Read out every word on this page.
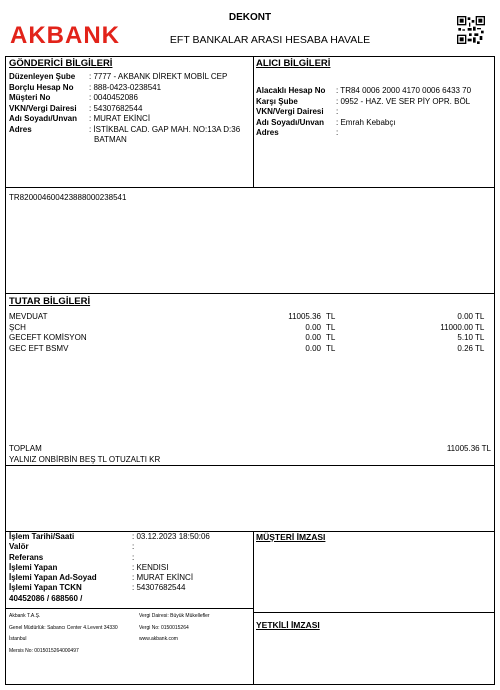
AKBANK
DEKONT
EFT BANKALAR ARASI HESABA HAVALE
GÖNDERİCİ BİLGİLERİ
Düzenleyen Şube	: 7777 - AKBANK DİREKT MOBİL CEP
Borçlu Hesap No	: 888-0423-0238541
Müşteri No	: 0040452086
VKN/Vergi Dairesi	: 54307682544
Adı Soyadı/Unvan	: MURAT EKİNCİ
Adres	: İSTİKBAL CAD. GAP MAH. NO:13A D:36
BATMAN
ALICI BİLGİLERİ
Alacaklı Hesap No	: TR84 0006 2000 4170 0006 6433 70
Karşı Şube	: 0952 - HAZ. VE SER PİY OPR. BÖL
VKN/Vergi Dairesi	:
Adı Soyadı/Unvan	: Emrah Kebabçı
Adres	:
TR82000460042388800023854​1
TUTAR BİLGİLERİ
MEVDUAT	11005.36 TL	0.00 TL
ŞCH	0.00 TL	11000.00 TL
GECEFT KOMİSYON	0.00 TL	5.10 TL
GEC EFT BSMV	0.00 TL	0.26 TL
TOPLAM	11005.36 TL
YALNIZ ONBİRBİN BEŞ TL OTUZALTI KR
İşlem Tarihi/Saati	: 03.12.2023 18:50:06
Valör	:
Referans	:
İşlemi Yapan	: KENDISI
İşlemi Yapan Ad-Soyad	: MURAT EKİNCİ
İşlemi Yapan TCKN	: 54307682544
40452086 / 688560 /
MÜŞTERİ İMZASI
YETKİLİ İMZASI
Akbank T.A.Ş.
Genel Müdürlük: Sabancı Center 4.Levent 34330
İstanbul
Mersis No: 0015015264000497
Vergi Dairesi: Büyük Mükellefler
Vergi No: 0150015264
www.akbank.com
